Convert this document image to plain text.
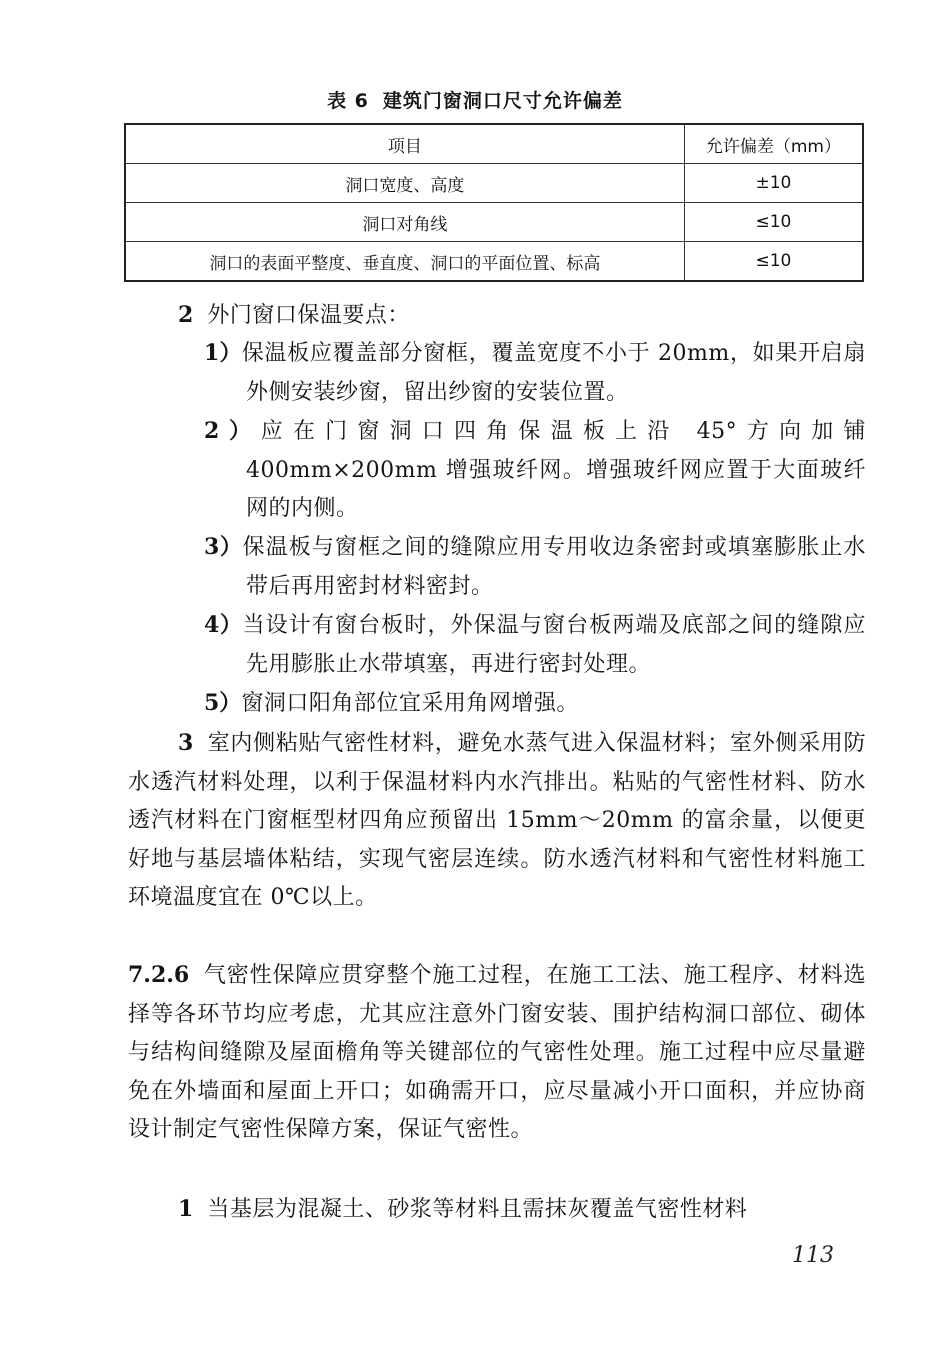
表 6 建筑门窗洞口尺寸允许偏差
项目	允许偏差（mm）
洞口宽度、高度	±10
洞口对角线	≤10
洞口的表面平整度、垂直度、洞口的平面位置、标高	≤10

2 外门窗口保温要点：

1）保温板应覆盖部分窗框，覆盖宽度不小于 20mm，如果开启扇外侧安装纱窗，留出纱窗的安装位置。

2）应在门窗洞口四角保温板上沿 45°方向加铺 400mm×200mm 增强玻纤网。增强玻纤网应置于大面玻纤网的内侧。

3）保温板与窗框之间的缝隙应用专用收边条密封或填塞膨胀止水带后再用密封材料密封。

4）当设计有窗台板时，外保温与窗台板两端及底部之间的缝隙应先用膨胀止水带填塞，再进行密封处理。

5）窗洞口阳角部位宜采用角网增强。

3 室内侧粘贴气密性材料，避免水蒸气进入保温材料；室外侧采用防水透汽材料处理，以利于保温材料内水汽排出。粘贴的气密性材料、防水透汽材料在门窗框型材四角应预留出 15mm～20mm 的富余量，以便更好地与基层墙体粘结，实现气密层连续。防水透汽材料和气密性材料施工环境温度宜在 0℃以上。

7.2.6 气密性保障应贯穿整个施工过程，在施工工法、施工程序、材料选择等各环节均应考虑，尤其应注意外门窗安装、围护结构洞口部位、砌体与结构间缝隙及屋面檐角等关键部位的气密性处理。施工过程中应尽量避免在外墙面和屋面上开口；如确需开口，应尽量减小开口面积，并应协商设计制定气密性保障方案，保证气密性。

1 当基层为混凝土、砂浆等材料且需抹灰覆盖气密性材料

113
